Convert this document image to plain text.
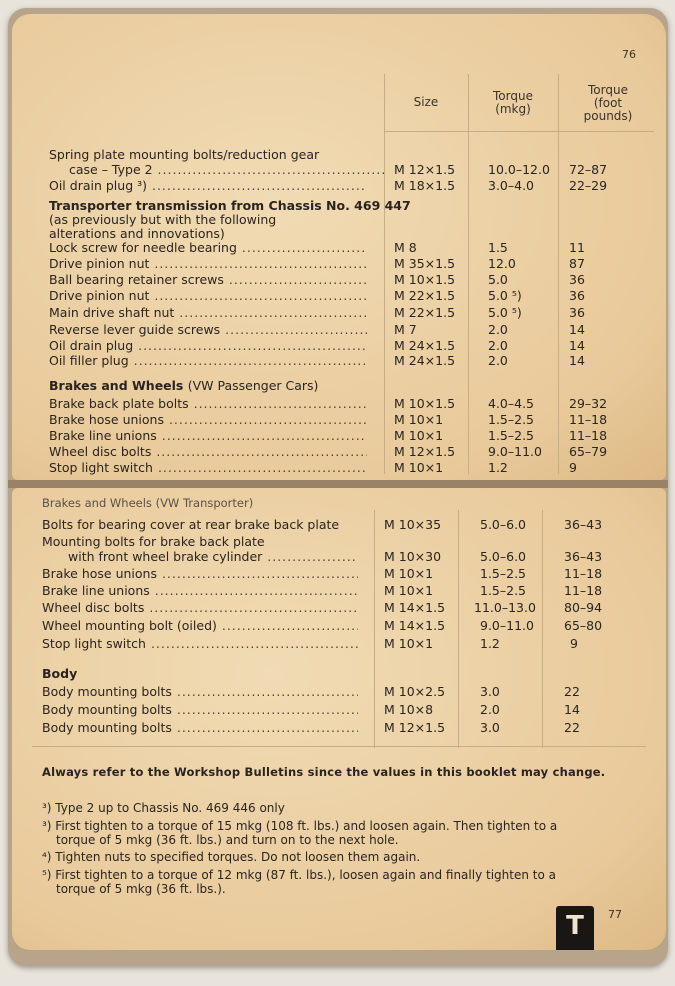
76
Size	Torque
(mkg)
Torque
(foot
pounds)
Spring plate mounting bolts/reduction gear
case – Type 2 .....	M 12×1.5	10.0–12.0 72–87
Oil drain plug ³) .....	M 18×1.5	3.0–4.0	22–29
Transporter transmission from Chassis No. 469 447
(as previously but with the following
alterations and innovations)
Lock screw for needle bearing .....	M 8	1.5	11
Drive pinion nut .....	M 35×1.5	12.0	87
Ball bearing retainer screws .....	M 10×1.5	5.0	36
Drive pinion nut .....	M 22×1.5	5.0 ⁵)	36
Main drive shaft nut .....	M 22×1.5	5.0 ⁵)	36
Reverse lever guide screws .....	M 7	2.0	14
Oil drain plug .....	M 24×1.5	2.0	14
Oil filler plug .....	M 24×1.5	2.0	14
Brakes and Wheels (VW Passenger Cars)
Brake back plate bolts .....	M 10×1.5	4.0–4.5	29–32
Brake hose unions .....	M 10×1	1.5–2.5	11–18
Brake line unions .....	M 10×1	1.5–2.5	11–18
Wheel disc bolts .....	M 12×1.5	9.0–11.0 65–79
Stop light switch .....	M 10×1	1.2	9
Brakes and Wheels (VW Transporter)
Bolts for bearing cover at rear brake back plate	M 10×35	5.0–6.0	36–43
Mounting bolts for brake back plate
with front wheel brake cylinder .....	M 10×30	5.0–6.0	36–43
Brake hose unions .....	M 10×1	1.5–2.5	11–18
Brake line unions .....	M 10×1	1.5–2.5	11–18
Wheel disc bolts .....	M 14×1.5 11.0–13.0 80–94
Wheel mounting bolt (oiled) .....	M 14×1.5	9.0–11.0 65–80
Stop light switch .....	M 10×1	1.2	9
Body
Body mounting bolts .....	M 10×2.5	3.0	22
Body mounting bolts .....	M 10×8	2.0	14
Body mounting bolts .....	M 12×1.5	3.0	22
Always refer to the Workshop Bulletins since the values in this booklet may change.
³) Type 2 up to Chassis No. 469 446 only
³) First tighten to a torque of 15 mkg (108 ft. lbs.) and loosen again. Then tighten to a
torque of 5 mkg (36 ft. lbs.) and turn on to the next hole.
⁴) Tighten nuts to specified torques. Do not loosen them again.
⁵) First tighten to a torque of 12 mkg (87 ft. lbs.), loosen again and finally tighten to a
torque of 5 mkg (36 ft. lbs.).
77
T
